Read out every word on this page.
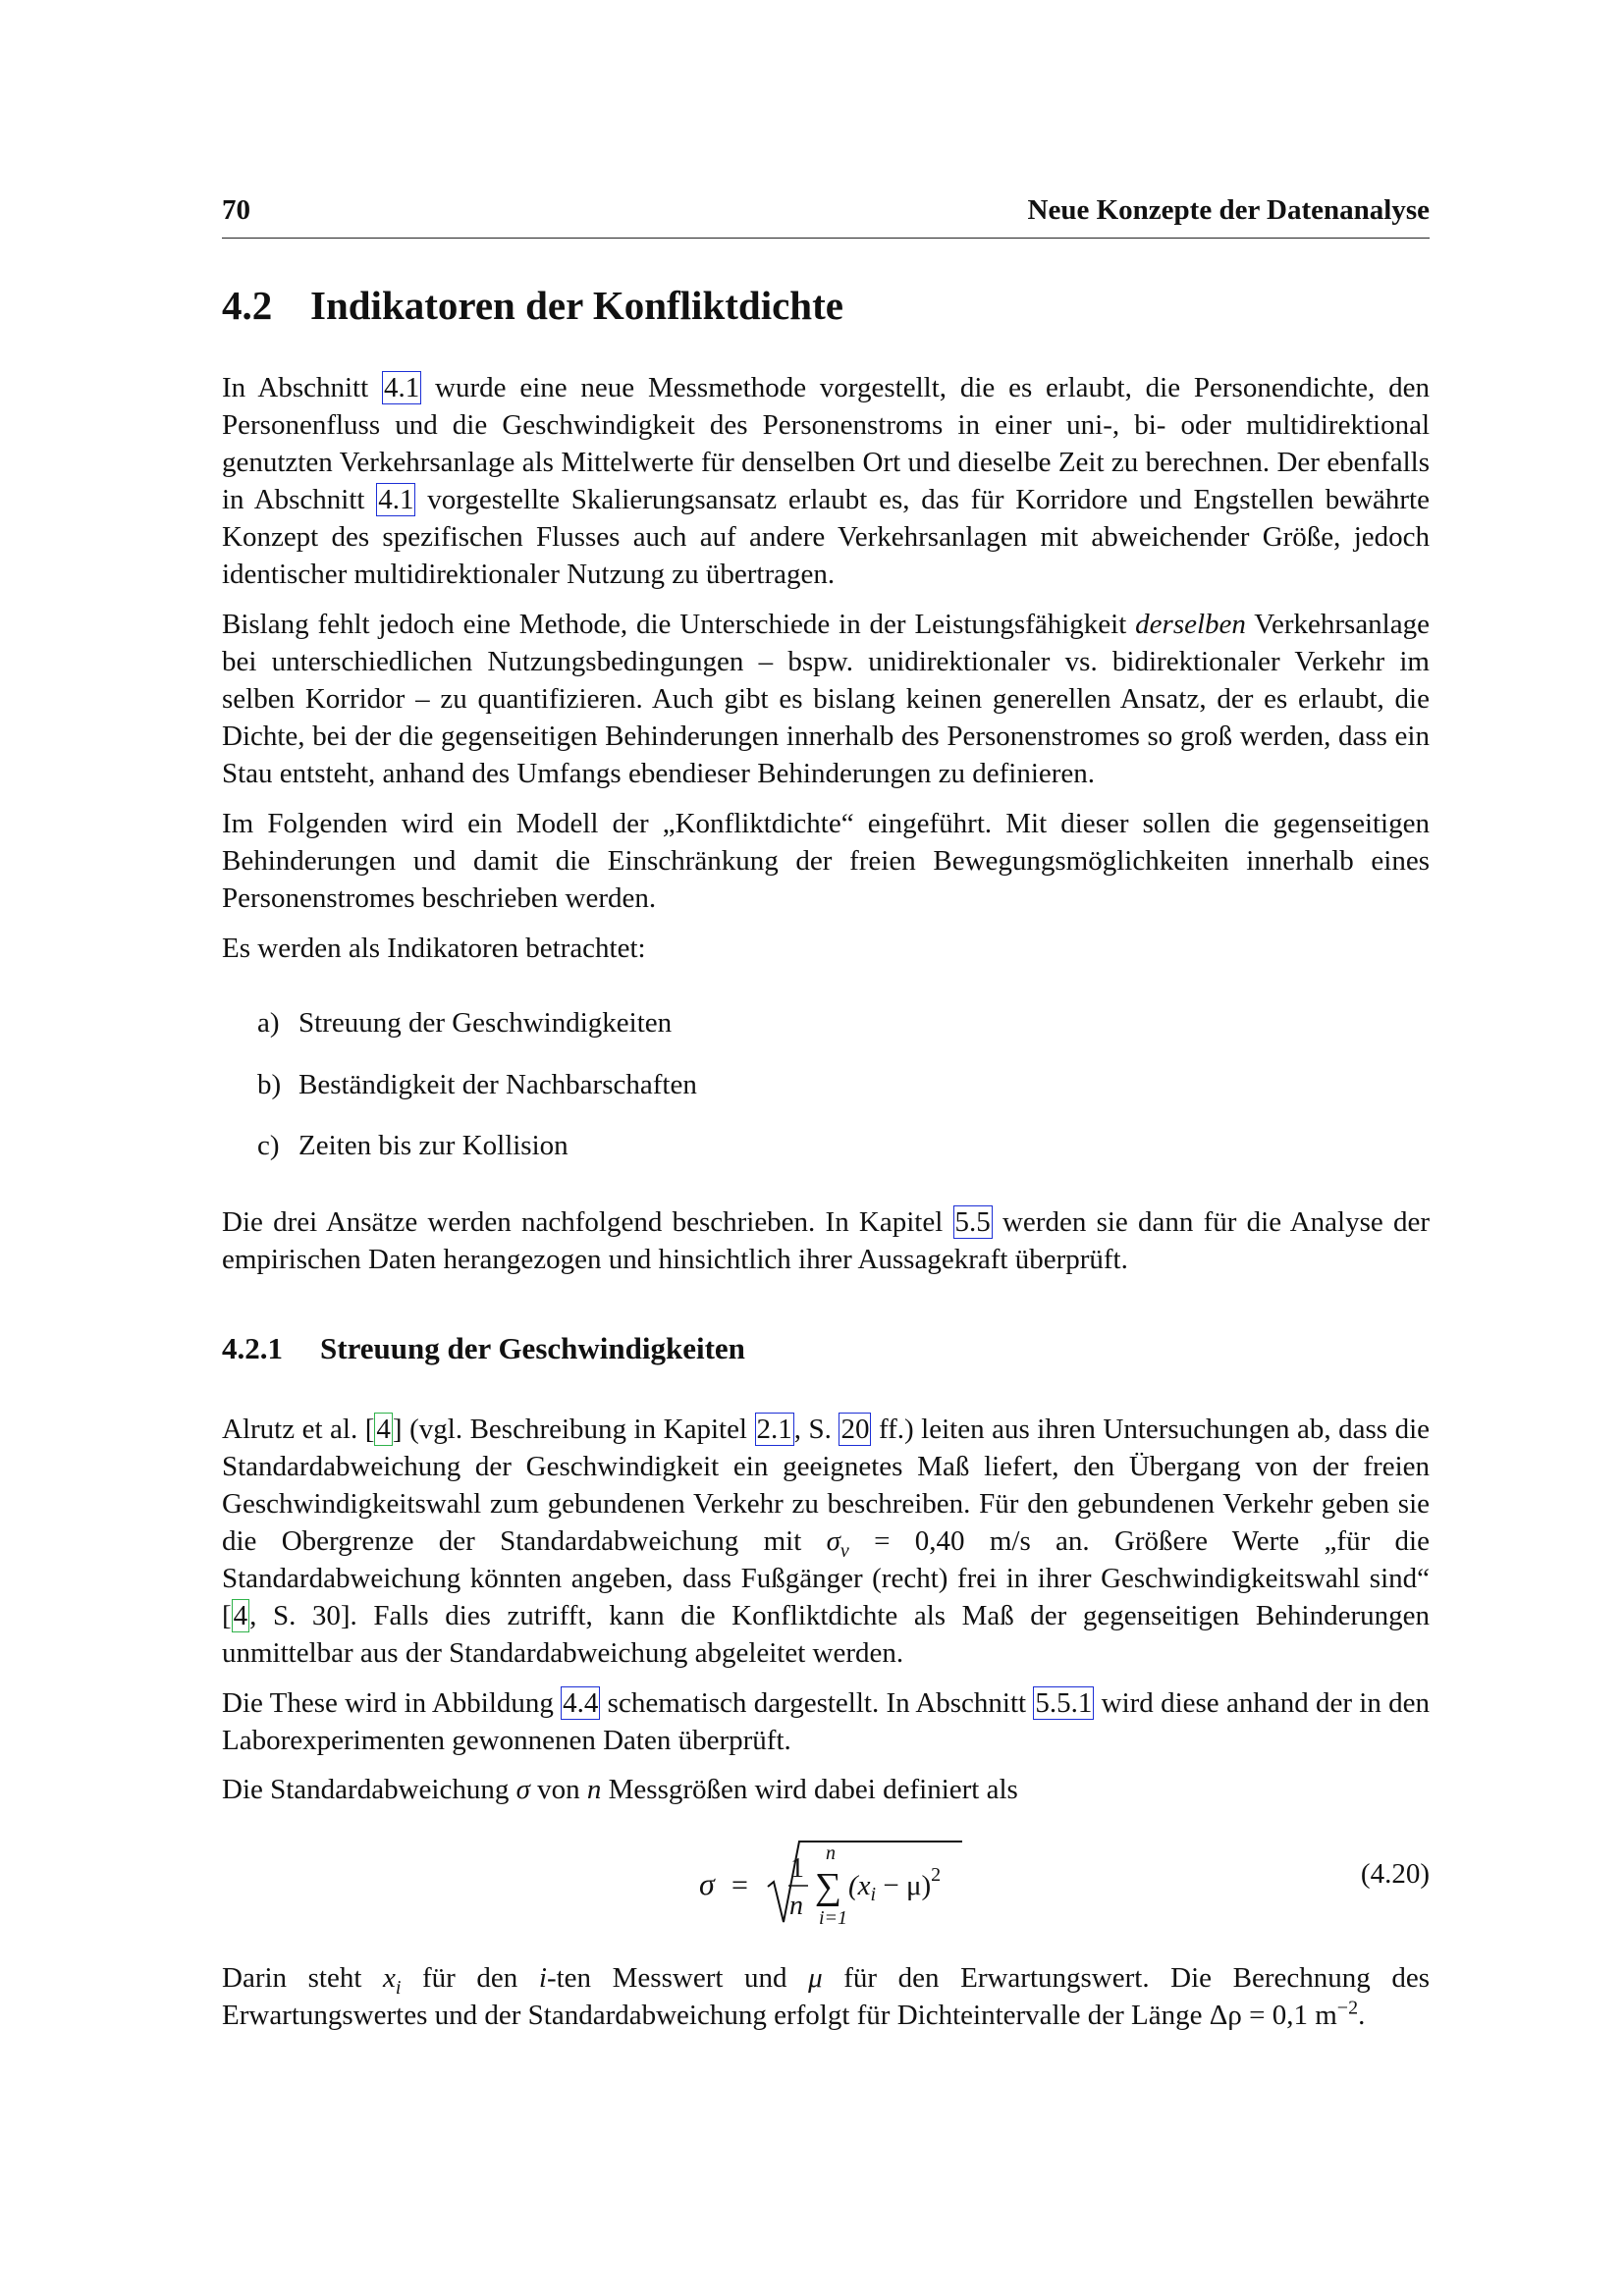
70	Neue Konzepte der Datenanalyse
4.2 Indikatoren der Konfliktdichte

In Abschnitt 4.1 wurde eine neue Messmethode vorgestellt, die es erlaubt, die Personendichte, den Personenfluss und die Geschwindigkeit des Personenstroms in einer uni-, bi- oder multidirektional genutzten Verkehrsanlage als Mittelwerte für denselben Ort und dieselbe Zeit zu berechnen. Der ebenfalls in Abschnitt 4.1 vorgestellte Skalierungsansatz erlaubt es, das für Korridore und Engstellen bewährte Konzept des spezifischen Flusses auch auf andere Verkehrsanlagen mit abweichender Größe, jedoch identischer multidirektionaler Nutzung zu übertragen.

Bislang fehlt jedoch eine Methode, die Unterschiede in der Leistungsfähigkeit derselben Verkehrsanlage bei unterschiedlichen Nutzungsbedingungen – bspw. unidirektionaler vs. bidirektionaler Verkehr im selben Korridor – zu quantifizieren. Auch gibt es bislang keinen generellen Ansatz, der es erlaubt, die Dichte, bei der die gegenseitigen Behinderungen innerhalb des Personenstromes so groß werden, dass ein Stau entsteht, anhand des Umfangs ebendieser Behinderungen zu definieren.

Im Folgenden wird ein Modell der „Konfliktdichte“ eingeführt. Mit dieser sollen die gegenseitigen Behinderungen und damit die Einschränkung der freien Bewegungsmöglichkeiten innerhalb eines Personenstromes beschrieben werden.

Es werden als Indikatoren betrachtet:

a) Streuung der Geschwindigkeiten
b) Beständigkeit der Nachbarschaften
c) Zeiten bis zur Kollision

Die drei Ansätze werden nachfolgend beschrieben. In Kapitel 5.5 werden sie dann für die Analyse der empirischen Daten herangezogen und hinsichtlich ihrer Aussagekraft überprüft.

4.2.1 Streuung der Geschwindigkeiten

Alrutz et al. [4] (vgl. Beschreibung in Kapitel 2.1, S. 20 ff.) leiten aus ihren Untersuchungen ab, dass die Standardabweichung der Geschwindigkeit ein geeignetes Maß liefert, den Übergang von der freien Geschwindigkeitswahl zum gebundenen Verkehr zu beschreiben. Für den gebundenen Verkehr geben sie die Obergrenze der Standardabweichung mit $\sigma_v = 0,40$ m/s an. Größere Werte „für die Standardabweichung könnten angeben, dass Fußgänger (recht) frei in ihrer Geschwindigkeitswahl sind“ [4, S. 30]. Falls dies zutrifft, kann die Konfliktdichte als Maß der gegenseitigen Behinderungen unmittelbar aus der Standardabweichung abgeleitet werden.

Die These wird in Abbildung 4.4 schematisch dargestellt. In Abschnitt 5.5.1 wird diese anhand der in den Laborexperimenten gewonnenen Daten überprüft.

Die Standardabweichung σ von n Messgrößen wird dabei definiert als

σ =
1
n
n
∑
i=1
$(x_i - \mu)^2$	(4.20)

Darin steht $x_i$ für den i-ten Messwert und μ für den Erwartungswert. Die Berechnung des Erwartungswertes und der Standardabweichung erfolgt für Dichteintervalle der Länge Δρ = 0,1 $m^{-2}$.
